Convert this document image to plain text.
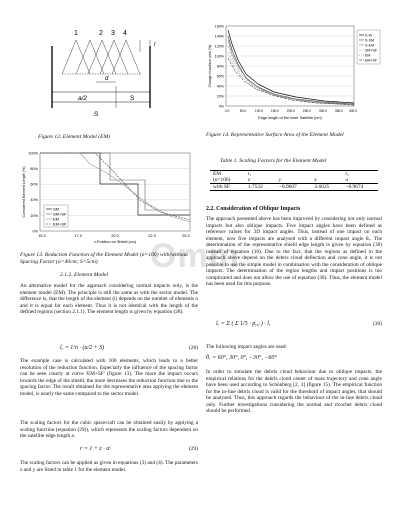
Omm
1	2 3 4
l
d
a/2	S
S
Figure 12. Element Model (EM)
SM
SM+SF
EM
EM+SF
100%
80%
60%
40%
20%
0%
15.0	17.5	20.0	22.5	25.0
x-Position on Shield (cm)
Considered Element Length (%)
Figure 13. Reduction Function of the Element Model (n=100) with/without Spacing Factor (a=40cm; S=5cm)
2.1.2. Element Model
An alternative model for the approach considering normal impacts only, is the element model (EM). The principle is still the same as with the sector model. The difference is, that the length of the element (l) depends on the number of elements n and it is equal for each element. Thus it is not identical with the length of the defined regions (section 2.1.1). The element length is given by equation (28).
lₑ = 1/n · (a/2 + S)	(28)
The example case is calculated with 100 elements, which leads to a better resolution of the reduction function. Especially the influence of the spacing factor can be seen clearly at curve 'EM+SF' (figure 13). The more the impact occurs towards the edge of the shield, the more decreases the reduction function due to the spacing factor. The result obtained for the representative area applying the element model, is nearly the same compared to the sector model.
The scaling factors for the cubic spacecraft can be obtained easily by applying a scaling function (equation (29)), which represents the scaling factors dependent on the satellite edge length a.
r = 1 + z · aʸ	(29)
The scaling factors can be applied as given in equations (3) and (4). The parameters z and y are listed in table 1 for the element model.
S-M
S-SM
S-EM
SM+SF
EM
EM+SF
160%
140%
120%
100%
80%
60%
40%
20%
0%
0.0	50.0	100.0 150.0 200.0 250.0 300.0 350.0 400.0
Edge length of the inner Satellite (cm)
Change in surface area (%)
Figure 14. Representative Surface Area of the Element Model
Table 1. Scaling Factors for the Element Model
EM	r₁			rₐ
(n=100)	z	y	x	a
with SF	1.7532	−0.9607	3.6625	−0.9674
2.2. Consideration of Oblique Impacts
The approach presented above has been improved by considering not only normal impacts but also oblique impacts. Five impact angles have been defined as reference values for 3D impact angles. Thus, instead of one impact on each element, now five impacts are analysed with a different impact angle θᵥ. The determination of the representative shield edge length is given by equation (30) instead of equation (10). Due to the fact, that the regions as defined in the approach above depend on the debris cloud deflection and cone angle, it is not possible to use the simple model in combination with the consideration of oblique impacts. The determination of the region lengths and impact positions is too complicated and does not allow the use of equation (30). Thus, the element model has been used for this purpose.
lᵥ = Σ ( Σ 1/5 · pₑ,ⱼ ) · lₑ	(30)
The following impact angles are used:
θᵥ = 60°, 30°, 0°, −30°, −60°
In order to simulate the debris cloud behaviour due to oblique impacts, the empirical relations for the debris cloud center of mass trajectory and cone angle have been used according to Schönberg [2, 3] (figure 15). The empirical function for the in-line debris cloud is valid for the threshold of impact angles, that should be analysed. Thus, this approach regards the behaviour of the in-line debris cloud only. Further investigations considering the normal and ricochet debris cloud should be performed.
